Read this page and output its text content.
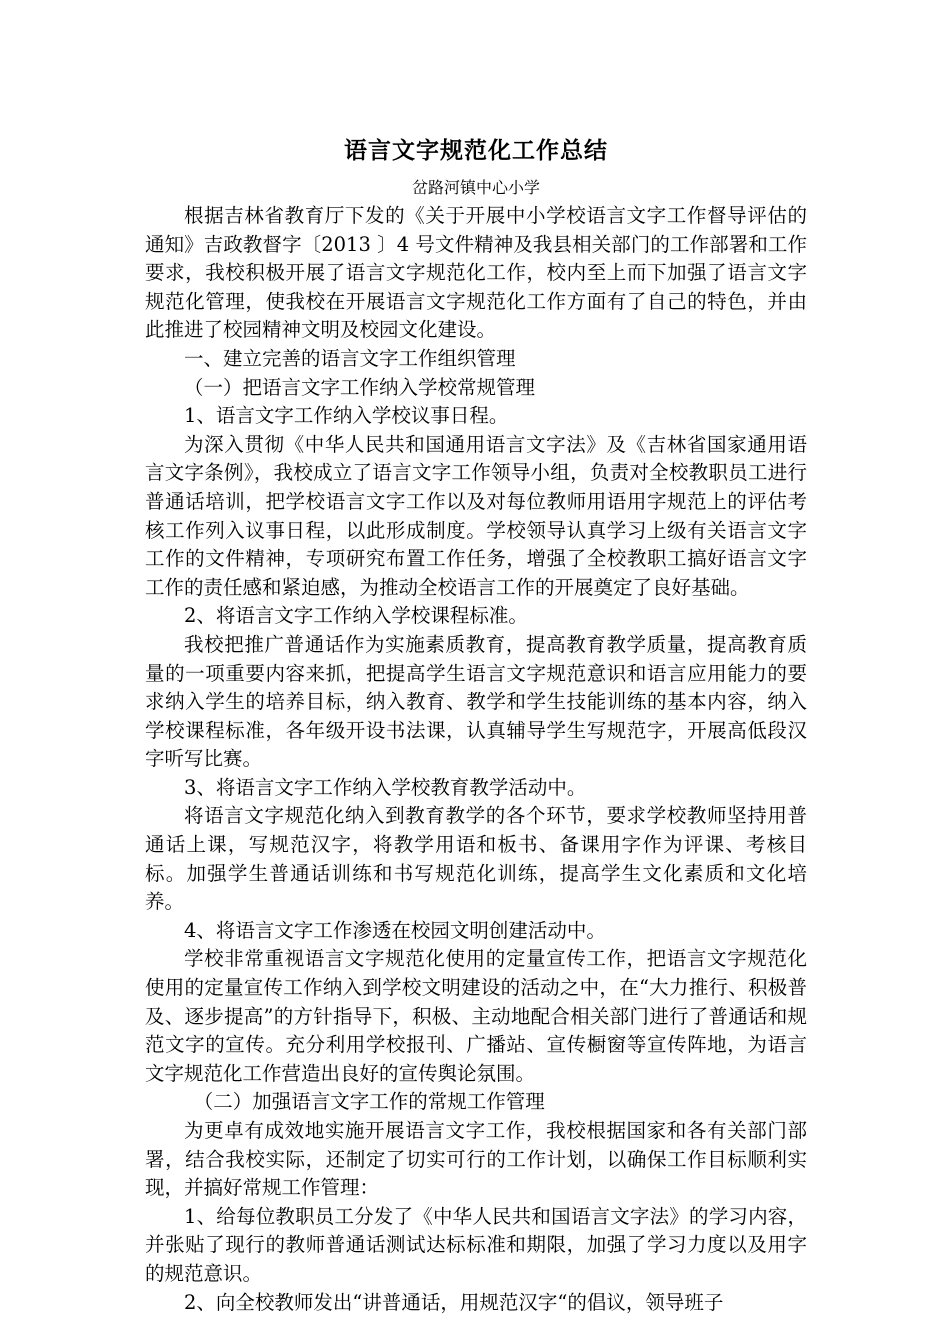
语言文字规范化工作总结

岔路河镇中心小学

根据吉林省教育厅下发的《关于开展中小学校语言文字工作督导评估的通知》吉政教督字〔2013 〕4 号文件精神及我县相关部门的工作部署和工作要求，我校积极开展了语言文字规范化工作，校内至上而下加强了语言文字规范化管理，使我校在开展语言文字规范化工作方面有了自己的特色，并由此推进了校园精神文明及校园文化建设。

一、建立完善的语言文字工作组织管理

（一）把语言文字工作纳入学校常规管理

1、语言文字工作纳入学校议事日程。

为深入贯彻《中华人民共和国通用语言文字法》及《吉林省国家通用语言文字条例》，我校成立了语言文字工作领导小组，负责对全校教职员工进行普通话培训，把学校语言文字工作以及对每位教师用语用字规范上的评估考核工作列入议事日程，以此形成制度。学校领导认真学习上级有关语言文字工作的文件精神，专项研究布置工作任务，增强了全校教职工搞好语言文字工作的责任感和紧迫感，为推动全校语言工作的开展奠定了良好基础。

2、将语言文字工作纳入学校课程标准。

我校把推广普通话作为实施素质教育，提高教育教学质量，提高教育质量的一项重要内容来抓，把提高学生语言文字规范意识和语言应用能力的要求纳入学生的培养目标，纳入教育、教学和学生技能训练的基本内容，纳入学校课程标准，各年级开设书法课，认真辅导学生写规范字，开展高低段汉字听写比赛。

3、将语言文字工作纳入学校教育教学活动中。

将语言文字规范化纳入到教育教学的各个环节，要求学校教师坚持用普通话上课，写规范汉字，将教学用语和板书、备课用字作为评课、考核目标。加强学生普通话训练和书写规范化训练，提高学生文化素质和文化培养。

4、将语言文字工作渗透在校园文明创建活动中。

学校非常重视语言文字规范化使用的定量宣传工作，把语言文字规范化使用的定量宣传工作纳入到学校文明建设的活动之中，在“大力推行、积极普及、逐步提高”的方针指导下，积极、主动地配合相关部门进行了普通话和规范文字的宣传。充分利用学校报刊、广播站、宣传橱窗等宣传阵地，为语言文字规范化工作营造出良好的宣传舆论氛围。

（二）加强语言文字工作的常规工作管理

为更卓有成效地实施开展语言文字工作，我校根据国家和各有关部门部署，结合我校实际，还制定了切实可行的工作计划，以确保工作目标顺利实现，并搞好常规工作管理：

1、给每位教职员工分发了《中华人民共和国语言文字法》的学习内容，并张贴了现行的教师普通话测试达标标准和期限，加强了学习力度以及用字的规范意识。

2、向全校教师发出“讲普通话，用规范汉字“的倡议，领导班子
